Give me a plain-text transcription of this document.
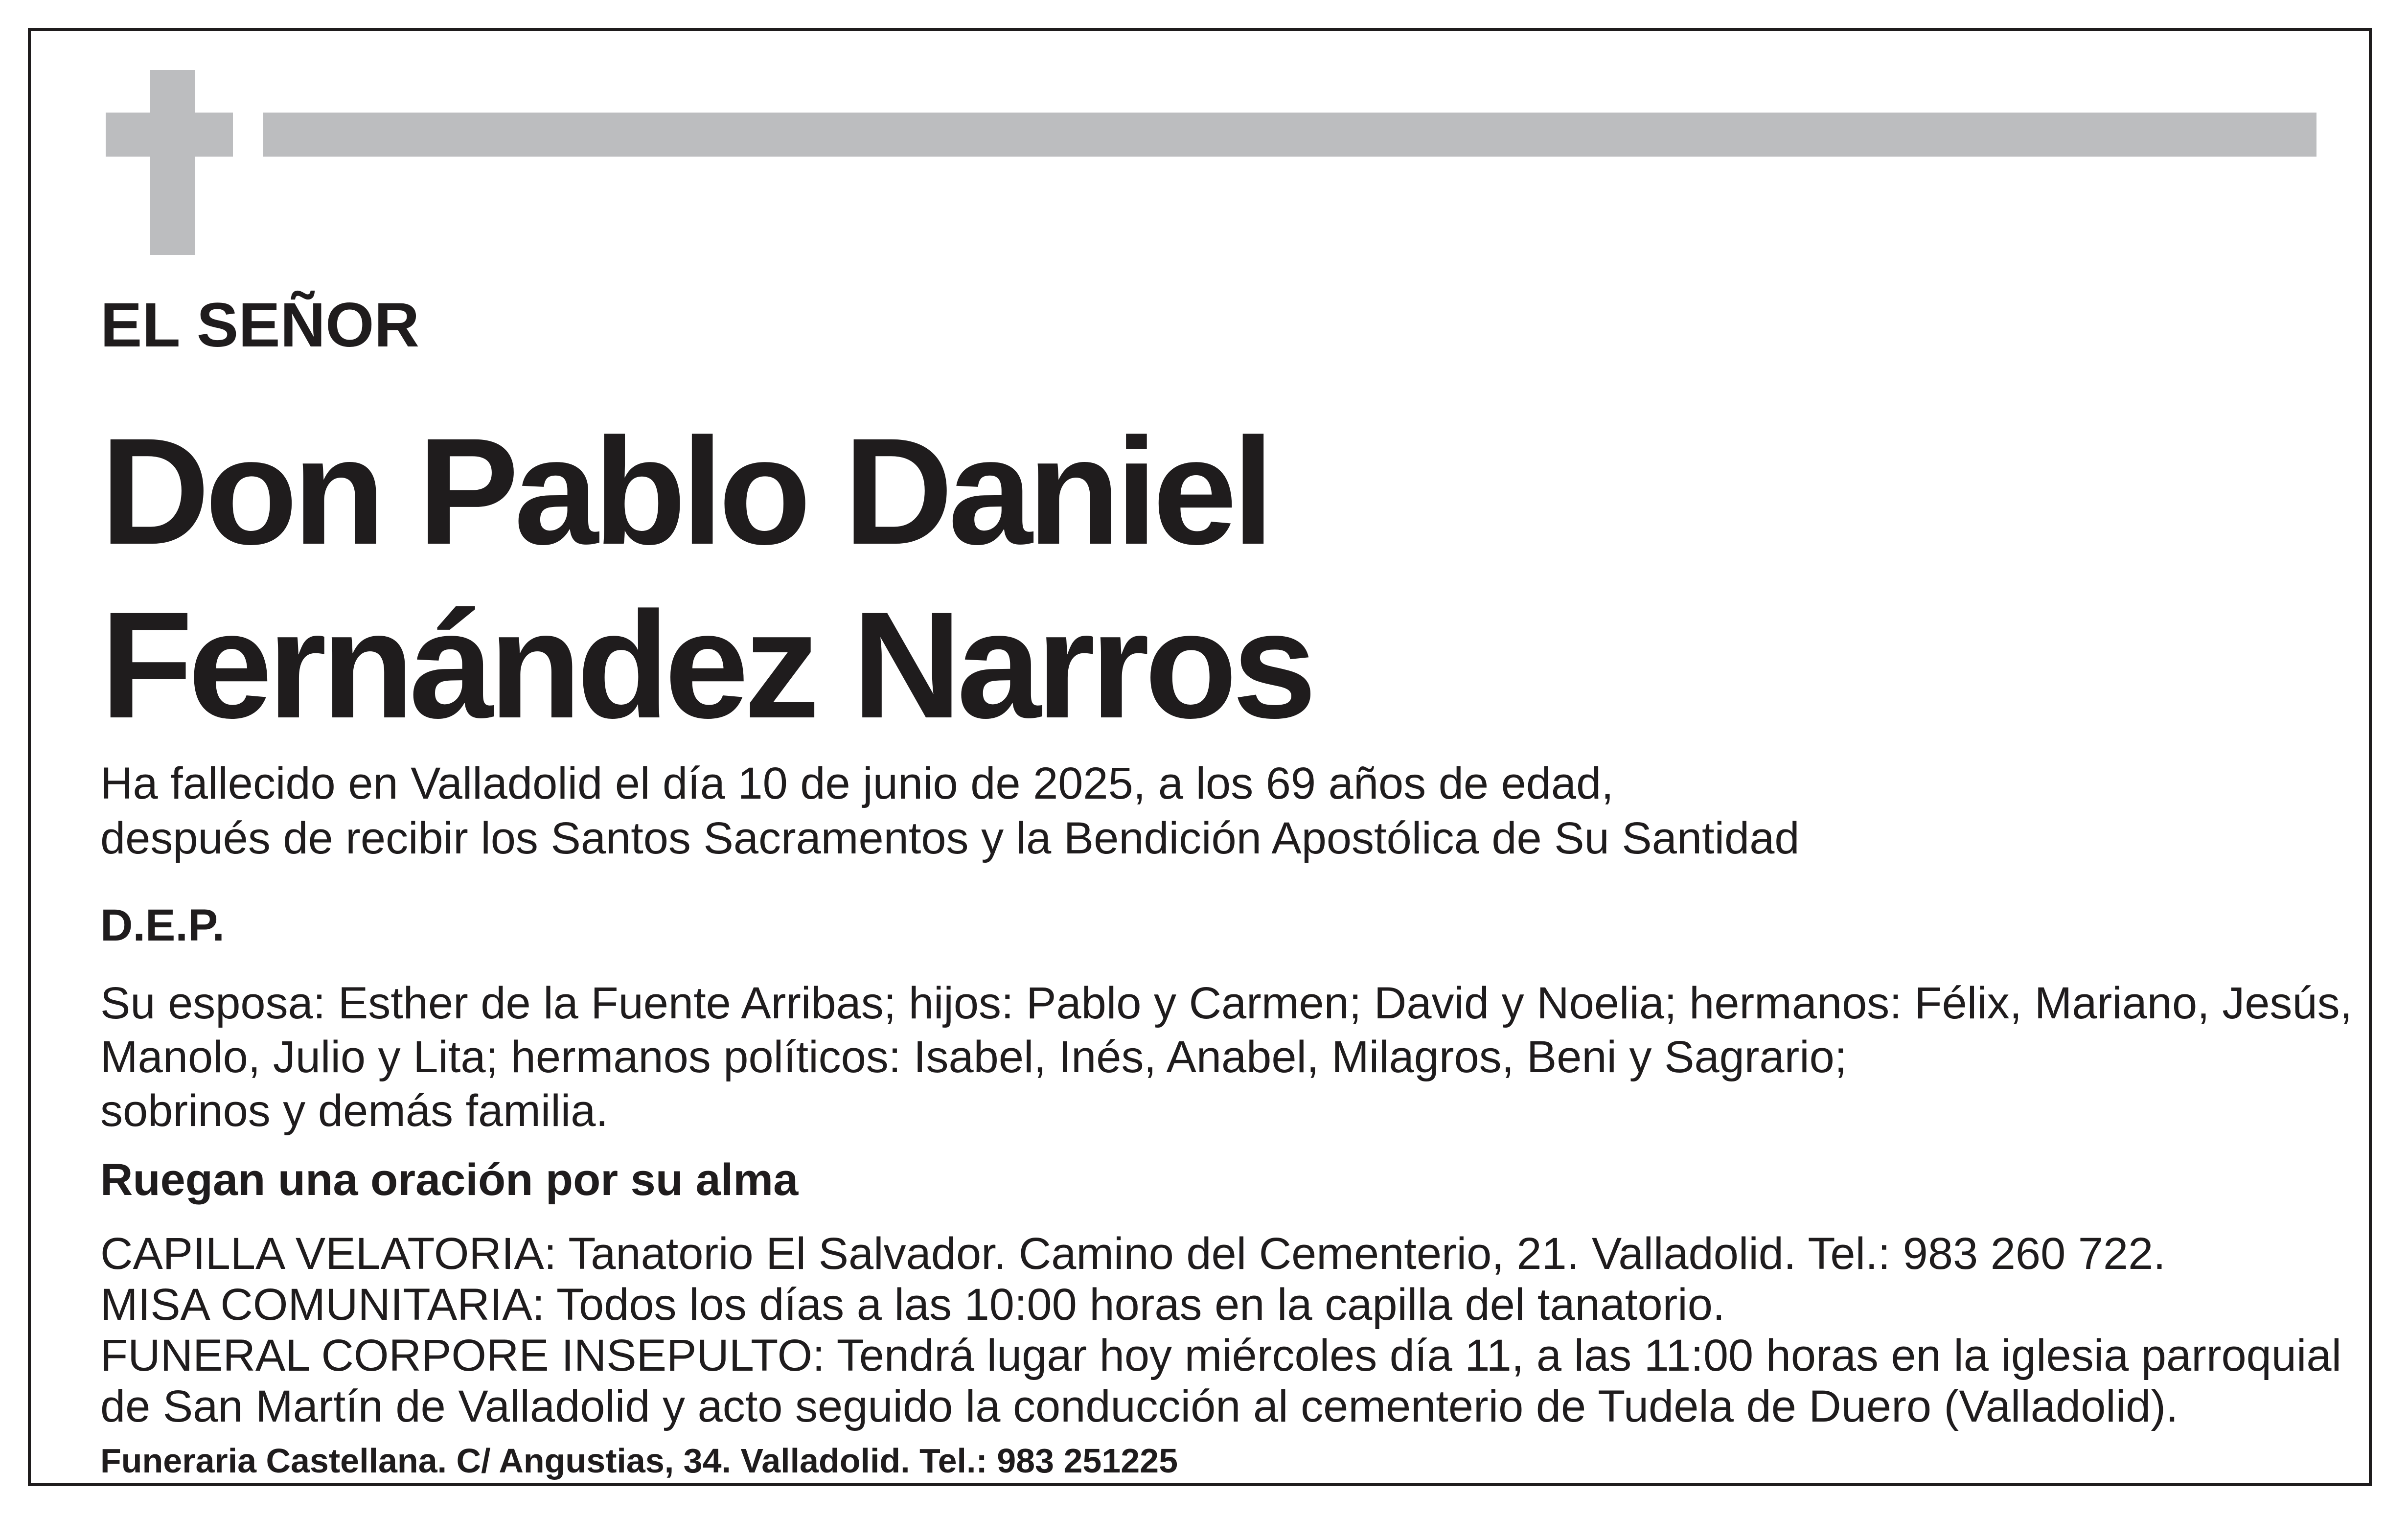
EL SEÑOR
Don Pablo Daniel
Fernández Narros
Ha fallecido en Valladolid el día 10 de junio de 2025, a los 69 años de edad,
después de recibir los Santos Sacramentos y la Bendición Apostólica de Su Santidad
D.E.P.
Su esposa: Esther de la Fuente Arribas; hijos: Pablo y Carmen; David y Noelia; hermanos: Félix, Mariano, Jesús,
Manolo, Julio y Lita; hermanos políticos: Isabel, Inés, Anabel, Milagros, Beni y Sagrario;
sobrinos y demás familia.
Ruegan una oración por su alma
CAPILLA VELATORIA: Tanatorio El Salvador. Camino del Cementerio, 21. Valladolid. Tel.: 983 260 722.
MISA COMUNITARIA: Todos los días a las 10:00 horas en la capilla del tanatorio.
FUNERAL CORPORE INSEPULTO: Tendrá lugar hoy miércoles día 11, a las 11:00 horas en la iglesia parroquial
de San Martín de Valladolid y acto seguido la conducción al cementerio de Tudela de Duero (Valladolid).
Funeraria Castellana. C/ Angustias, 34. Valladolid. Tel.: 983 251225
